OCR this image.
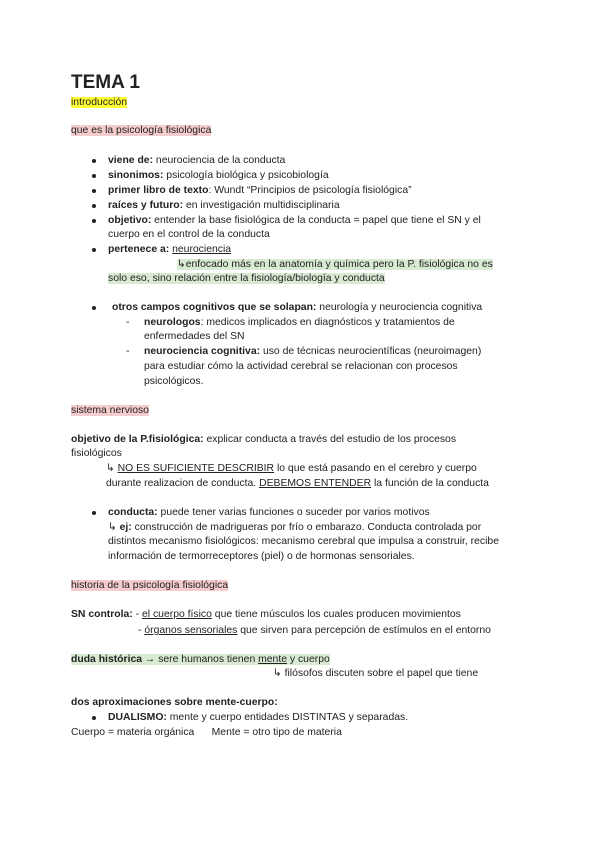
TEMA 1
introducción
que es la psicología fisiológica
viene de: neurociencia de la conducta
sinonimos: psicología biológica y psicobiología
primer libro de texto: Wundt “Principios de psicología fisiológica”
raíces y futuro: en investigación multidisciplinaria
objetivo: entender la base fisiológica de la conducta = papel que tiene el SN y el
cuerpo en el control de la conducta
pertenece a: neurociencia
↳enfocado más en la anatomía y química pero la P. fisiológica no es
solo eso, sino relación entre la fisiología/biología y conducta
otros campos cognitivos que se solapan: neurología y neurociencia cognitiva
- neurologos: medicos implicados en diagnósticos y tratamientos de
enfermedades del SN
- neurociencia cognitiva: uso de técnicas neurocientíficas (neuroimagen)
para estudiar cómo la actividad cerebral se relacionan con procesos
psicológicos.
sistema nervioso
objetivo de la P.fisiológica: explicar conducta a través del estudio de los procesos
fisiológicos
↳ NO ES SUFICIENTE DESCRIBIR lo que está pasando en el cerebro y cuerpo
durante realizacion de conducta. DEBEMOS ENTENDER la función de la conducta
conducta: puede tener varias funciones o suceder por varios motivos
↳ ej: construcción de madrigueras por frío o embarazo. Conducta controlada por
distintos mecanismo fisiológicos: mecanismo cerebral que impulsa a construir, recibe
información de termorreceptores (piel) o de hormonas sensoriales.
historia de la psicología fisiológica
SN controla: - el cuerpo físico que tiene músculos los cuales producen movimientos
- órganos sensoriales que sirven para percepción de estímulos en el entorno
duda histórica → sere humanos tienen mente y cuerpo
↳ filósofos discuten sobre el papel que tiene
dos aproximaciones sobre mente-cuerpo:
DUALISMO: mente y cuerpo entidades DISTINTAS y separadas.
Cuerpo = materia orgánica      Mente = otro tipo de materia
